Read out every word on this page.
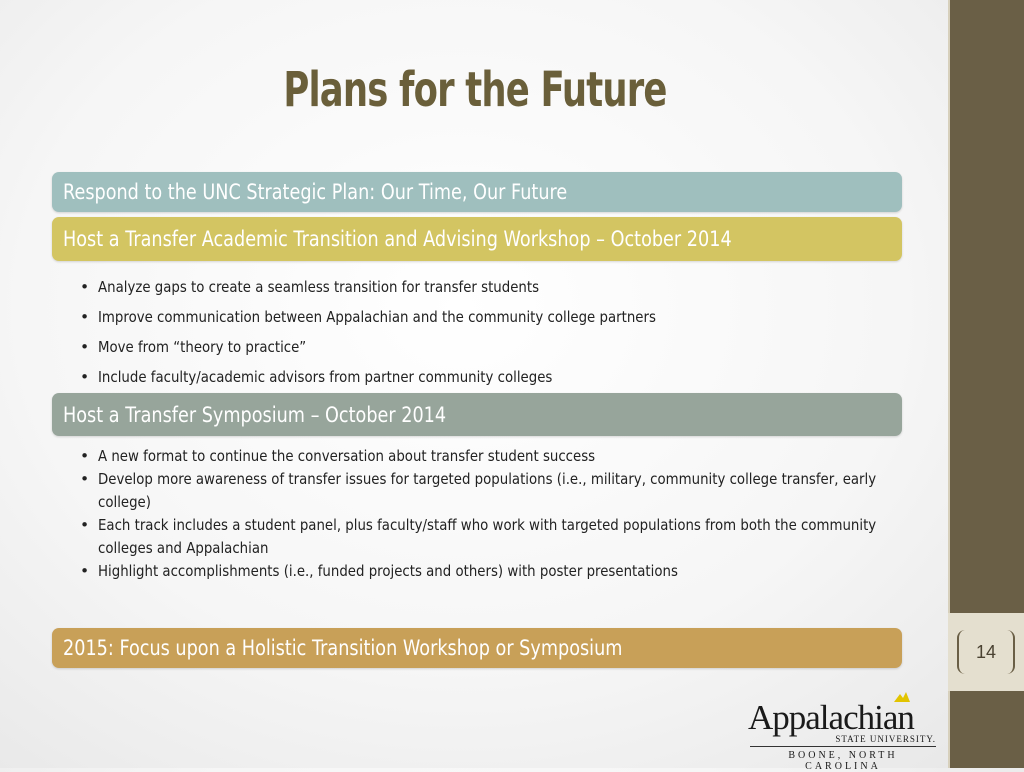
Plans for the Future
Respond to the UNC Strategic Plan: Our Time, Our Future
Host a Transfer Academic Transition and Advising Workshop – October 2014
• Analyze gaps to create a seamless transition for transfer students
• Improve communication between Appalachian and the community college partners
• Move from “theory to practice”
• Include faculty/academic advisors from partner community colleges
Host a Transfer Symposium – October 2014
• A new format to continue the conversation about transfer student success
• Develop more awareness of transfer issues for targeted populations (i.e., military, community college transfer, early college)
• Each track includes a student panel, plus faculty/staff who work with targeted populations from both the community colleges and Appalachian
• Highlight accomplishments (i.e., funded projects and others) with poster presentations
2015: Focus upon a Holistic Transition Workshop or Symposium	14
Appalachian
STATE UNIVERSITY.
BOONE, NORTH CAROLINA
